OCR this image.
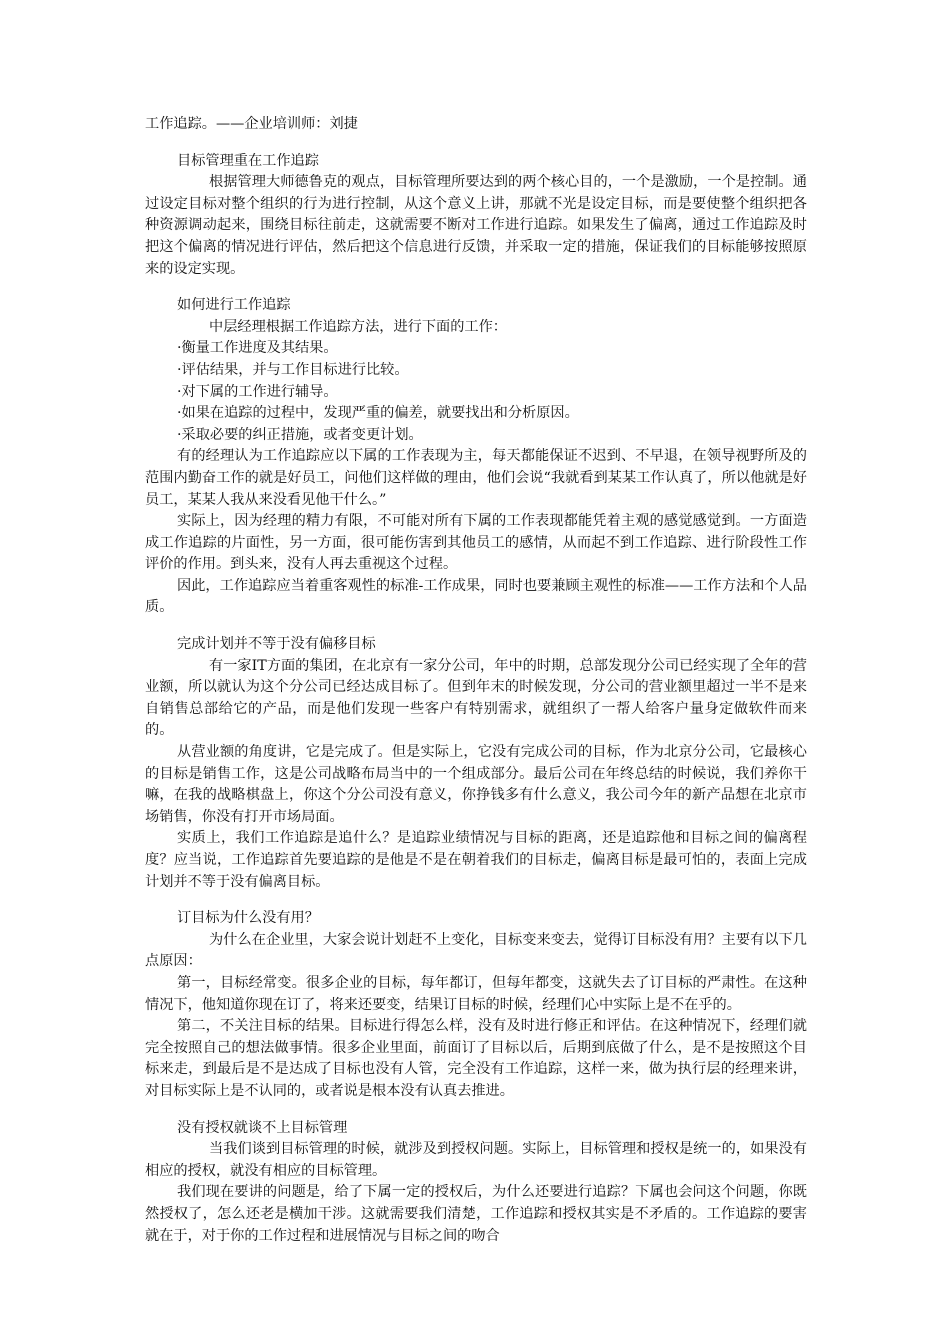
工作追踪。——企业培训师：刘捷

目标管理重在工作追踪

根据管理大师德鲁克的观点，目标管理所要达到的两个核心目的，一个是激励，一个是控制。通过设定目标对整个组织的行为进行控制，从这个意义上讲，那就不光是设定目标，而是要使整个组织把各种资源调动起来，围绕目标往前走，这就需要不断对工作进行追踪。如果发生了偏离，通过工作追踪及时把这个偏离的情况进行评估，然后把这个信息进行反馈，并采取一定的措施，保证我们的目标能够按照原来的设定实现。

如何进行工作追踪

中层经理根据工作追踪方法，进行下面的工作：

·衡量工作进度及其结果。

·评估结果，并与工作目标进行比较。

·对下属的工作进行辅导。

·如果在追踪的过程中，发现严重的偏差，就要找出和分析原因。

·采取必要的纠正措施，或者变更计划。

有的经理认为工作追踪应以下属的工作表现为主，每天都能保证不迟到、不早退，在领导视野所及的范围内勤奋工作的就是好员工，问他们这样做的理由，他们会说“我就看到某某工作认真了，所以他就是好员工，某某人我从来没看见他干什么。”

实际上，因为经理的精力有限，不可能对所有下属的工作表现都能凭着主观的感觉感觉到。一方面造成工作追踪的片面性，另一方面，很可能伤害到其他员工的感情，从而起不到工作追踪、进行阶段性工作评价的作用。到头来，没有人再去重视这个过程。

因此，工作追踪应当着重客观性的标准-工作成果，同时也要兼顾主观性的标准——工作方法和个人品质。

完成计划并不等于没有偏移目标

有一家IT方面的集团，在北京有一家分公司，年中的时期，总部发现分公司已经实现了全年的营业额，所以就认为这个分公司已经达成目标了。但到年末的时候发现，分公司的营业额里超过一半不是来自销售总部给它的产品，而是他们发现一些客户有特别需求，就组织了一帮人给客户量身定做软件而来的。

从营业额的角度讲，它是完成了。但是实际上，它没有完成公司的目标，作为北京分公司，它最核心的目标是销售工作，这是公司战略布局当中的一个组成部分。最后公司在年终总结的时候说，我们养你干嘛，在我的战略棋盘上，你这个分公司没有意义，你挣钱多有什么意义，我公司今年的新产品想在北京市场销售，你没有打开市场局面。

实质上，我们工作追踪是追什么？是追踪业绩情况与目标的距离，还是追踪他和目标之间的偏离程度？应当说，工作追踪首先要追踪的是他是不是在朝着我们的目标走，偏离目标是最可怕的，表面上完成计划并不等于没有偏离目标。

订目标为什么没有用？

为什么在企业里，大家会说计划赶不上变化，目标变来变去，觉得订目标没有用？主要有以下几点原因：

第一，目标经常变。很多企业的目标，每年都订，但每年都变，这就失去了订目标的严肃性。在这种情况下，他知道你现在订了，将来还要变，结果订目标的时候，经理们心中实际上是不在乎的。

第二，不关注目标的结果。目标进行得怎么样，没有及时进行修正和评估。在这种情况下，经理们就完全按照自己的想法做事情。很多企业里面，前面订了目标以后，后期到底做了什么，是不是按照这个目标来走，到最后是不是达成了目标也没有人管，完全没有工作追踪，这样一来，做为执行层的经理来讲，对目标实际上是不认同的，或者说是根本没有认真去推进。

没有授权就谈不上目标管理

当我们谈到目标管理的时候，就涉及到授权问题。实际上，目标管理和授权是统一的，如果没有相应的授权，就没有相应的目标管理。

我们现在要讲的问题是，给了下属一定的授权后，为什么还要进行追踪？下属也会问这个问题，你既然授权了，怎么还老是横加干涉。这就需要我们清楚，工作追踪和授权其实是不矛盾的。工作追踪的要害就在于，对于你的工作过程和进展情况与目标之间的吻合
